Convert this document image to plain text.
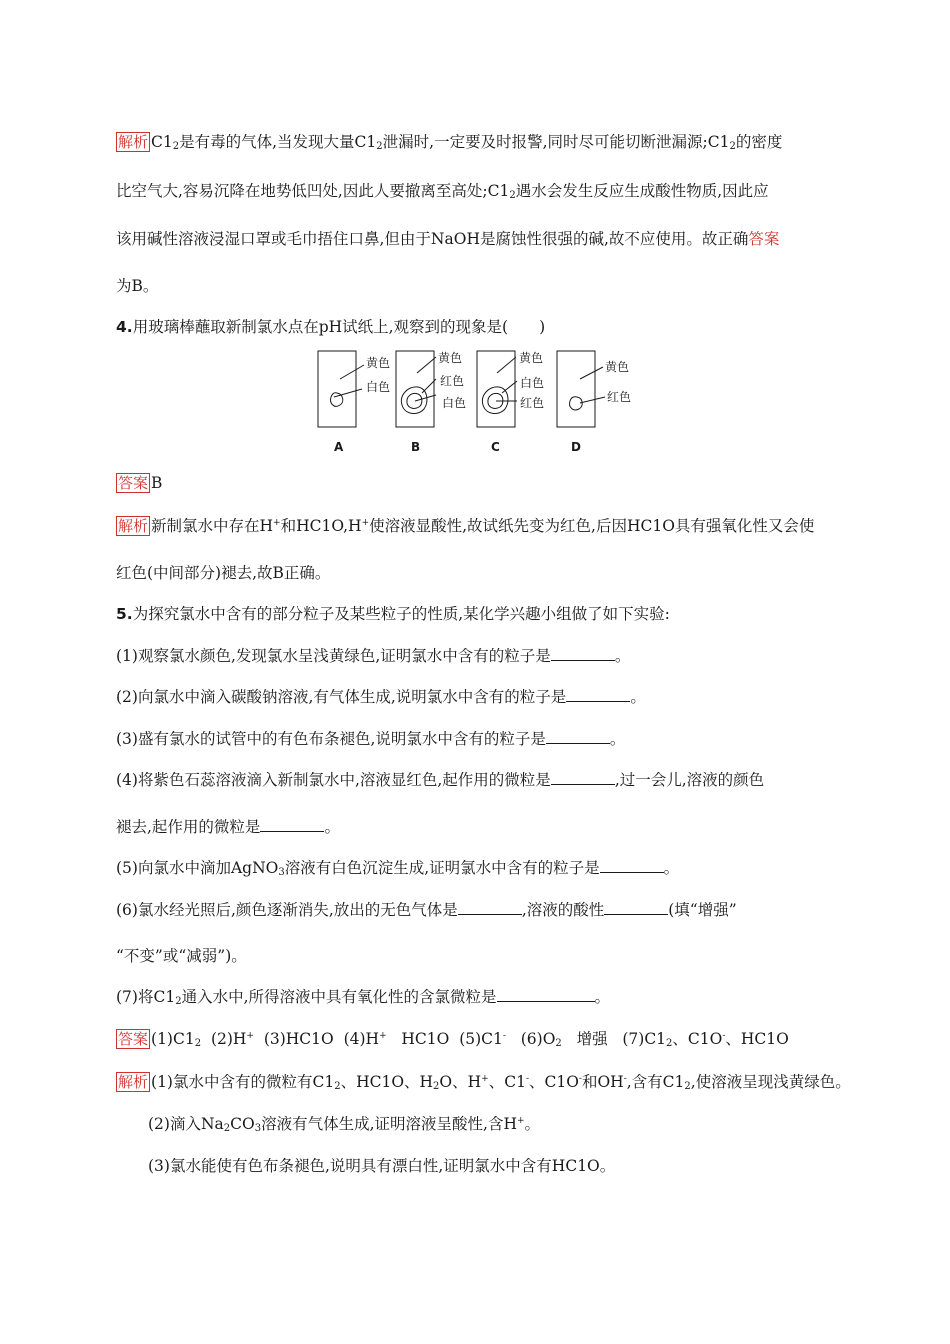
解析 $C1_2$是有毒的气体,当发现大量$C1_2$泄漏时,一定要及时报警,同时尽可能切断泄漏源$;C1_2$的密度
比空气大,容易沉降在地势低凹处,因此人要撤离至高处$;C1_2$遇水会发生反应生成酸性物质,因此应
该用碱性溶液浸湿口罩或毛巾捂住口鼻,但由于NaOH是腐蚀性很强的碱,故不应使用。故正确答案
为B。
4.用玻璃棒蘸取新制氯水点在pH试纸上,观察到的现象是(　　)
黄色
白色
黄色
红色
白色
黄色
白色
红色
黄色
红色
A	B	C	D
答案 B
解析 新制氯水中存在H+和HC1O,H+使溶液显酸性,故试纸先变为红色,后因HC1O具有强氧化性又会使
红色(中间部分)褪去,故B正确。
5.为探究氯水中含有的部分粒子及某些粒子的性质,某化学兴趣小组做了如下实验:
(1)观察氯水颜色,发现氯水呈浅黄绿色,证明氯水中含有的粒子是	。
(2)向氯水中滴入碳酸钠溶液,有气体生成,说明氯水中含有的粒子是	。
(3)盛有氯水的试管中的有色布条褪色,说明氯水中含有的粒子是	。
(4)将紫色石蕊溶液滴入新制氯水中,溶液显红色,起作用的微粒是	,过一会儿,溶液的颜色
褪去,起作用的微粒是	。
(5)向氯水中滴加AgNO$_3$溶液有白色沉淀生成,证明氯水中含有的粒子是	。
(6)氯水经光照后,颜色逐渐消失,放出的无色气体是	,溶液的酸性	(填“增强”
“不变”或“减弱”)。
(7)将$C1_2$通入水中,所得溶液中具有氧化性的含氯微粒是	。
答案 $(1)C1_2$ (2)H+ (3)HC1O (4)H+ HC1O (5)C1- $(6)O_2$ 增强 $(7)C1_2$、C1O-、HC1O
解析 (1)氯水中含有的微粒有$C1_2$、HC1O、$H_2O$、H+、C1-、C1O-和OH-,含有$C1_2$,使溶液呈现浅黄绿色。
(2)滴入$Na_2CO_3$溶液有气体生成,证明溶液呈酸性,含H+。
(3)氯水能使有色布条褪色,说明具有漂白性,证明氯水中含有HC1O。
